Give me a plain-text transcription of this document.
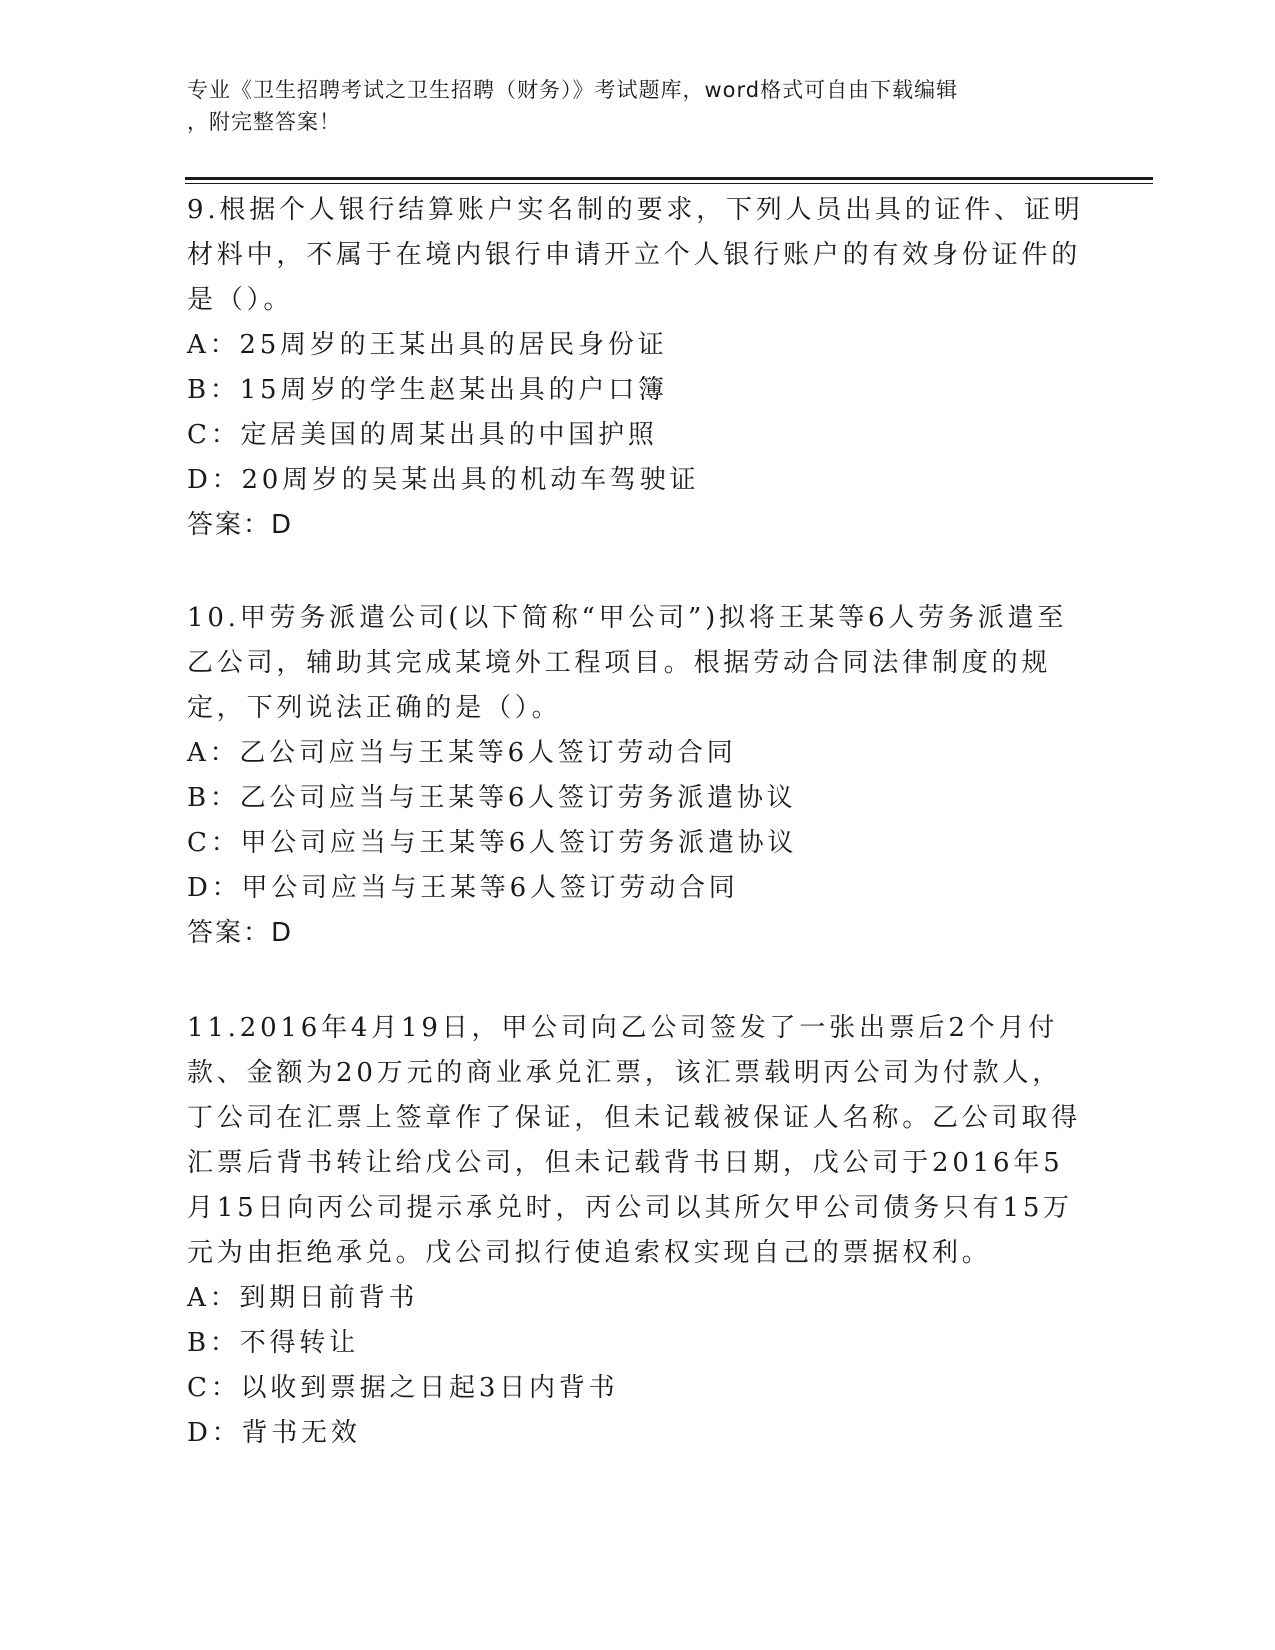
专业《卫生招聘考试之卫生招聘（财务）》考试题库，word格式可自由下载编辑
，附完整答案！
9.根据个人银行结算账户实名制的要求，下列人员出具的证件、证明材料中，不属于在境内银行申请开立个人银行账户的有效身份证件的是（）。
A：25周岁的王某出具的居民身份证
B：15周岁的学生赵某出具的户口簿
C：定居美国的周某出具的中国护照
D：20周岁的吴某出具的机动车驾驶证
答案：D
10.甲劳务派遣公司(以下简称“甲公司”)拟将王某等6人劳务派遣至乙公司，辅助其完成某境外工程项目。根据劳动合同法律制度的规定，下列说法正确的是（）。
A：乙公司应当与王某等6人签订劳动合同
B：乙公司应当与王某等6人签订劳务派遣协议
C：甲公司应当与王某等6人签订劳务派遣协议
D：甲公司应当与王某等6人签订劳动合同
答案：D
11.2016年4月19日，甲公司向乙公司签发了一张出票后2个月付款、金额为20万元的商业承兑汇票，该汇票载明丙公司为付款人，丁公司在汇票上签章作了保证，但未记载被保证人名称。乙公司取得汇票后背书转让给戊公司，但未记载背书日期，戊公司于2016年5月15日向丙公司提示承兑时，丙公司以其所欠甲公司债务只有15万元为由拒绝承兑。戊公司拟行使追索权实现自己的票据权利。
A：到期日前背书
B：不得转让
C：以收到票据之日起3日内背书
D：背书无效
